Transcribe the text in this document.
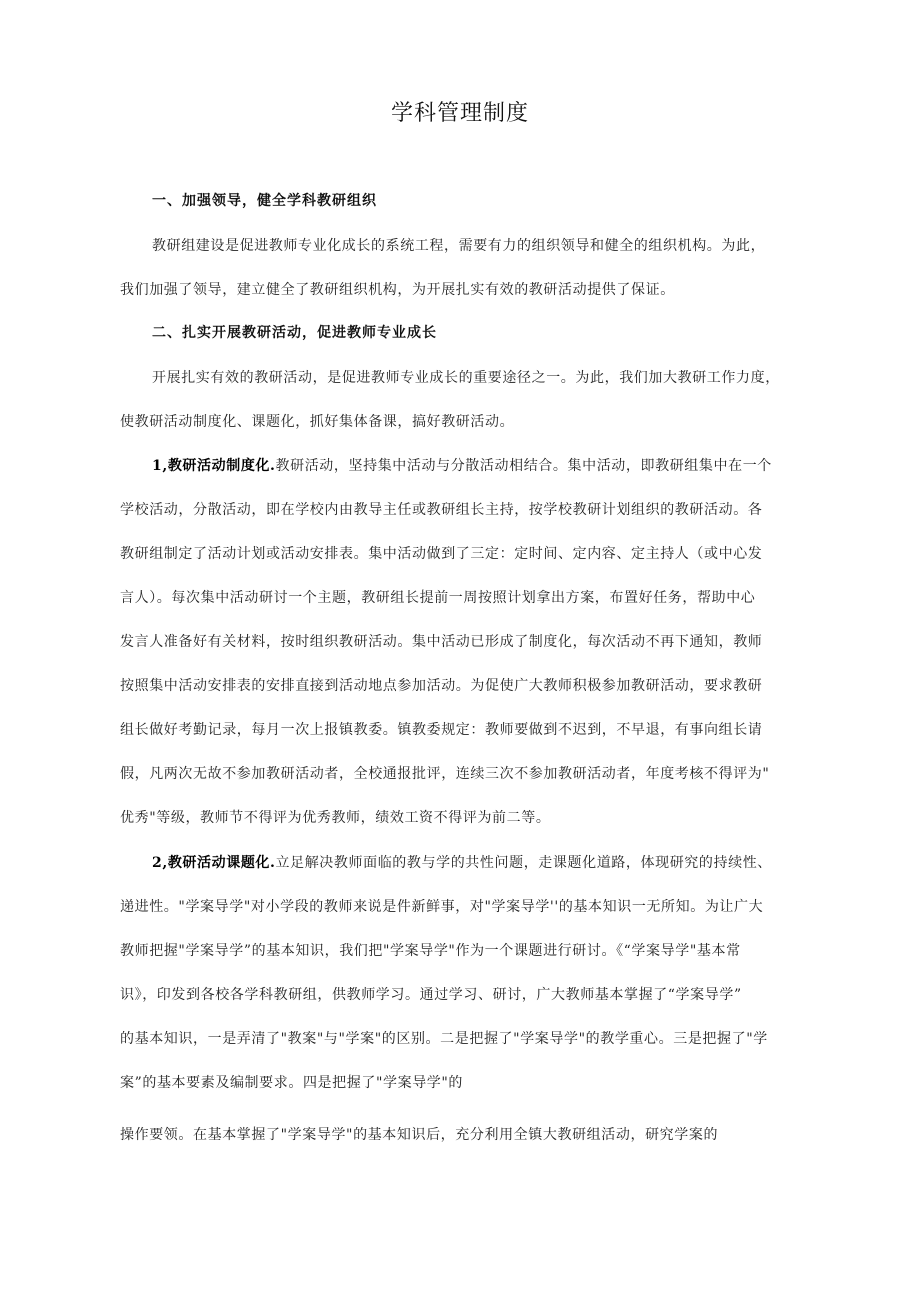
学科管理制度
一、加强领导，健全学科教研组织
教研组建设是促进教师专业化成长的系统工程，需要有力的组织领导和健全的组织机构。为此，
我们加强了领导，建立健全了教研组织机构，为开展扎实有效的教研活动提供了保证。
二、扎实开展教研活动，促进教师专业成长
开展扎实有效的教研活动，是促进教师专业成长的重要途径之一。为此，我们加大教研工作力度，
使教研活动制度化、课题化，抓好集体备课，搞好教研活动。
1,教研活动制度化.教研活动，坚持集中活动与分散活动相结合。集中活动，即教研组集中在一个
学校活动，分散活动，即在学校内由教导主任或教研组长主持，按学校教研计划组织的教研活动。各
教研组制定了活动计划或活动安排表。集中活动做到了三定：定时间、定内容、定主持人（或中心发
言人）。每次集中活动研讨一个主题，教研组长提前一周按照计划拿出方案，布置好任务，帮助中心
发言人准备好有关材料，按时组织教研活动。集中活动已形成了制度化，每次活动不再下通知，教师
按照集中活动安排表的安排直接到活动地点参加活动。为促使广大教师积极参加教研活动，要求教研
组长做好考勤记录，每月一次上报镇教委。镇教委规定：教师要做到不迟到，不早退，有事向组长请
假，凡两次无故不参加教研活动者，全校通报批评，连续三次不参加教研活动者，年度考核不得评为"
优秀"等级，教师节不得评为优秀教师，绩效工资不得评为前二等。
2,教研活动课题化.立足解决教师面临的教与学的共性问题，走课题化道路，体现研究的持续性、
递进性。"学案导学"对小学段的教师来说是件新鲜事，对"学案导学''的基本知识一无所知。为让广大
教师把握"学案导学”的基本知识，我们把"学案导学"作为一个课题进行研讨。《“学案导学"基本常
识》，印发到各校各学科教研组，供教师学习。通过学习、研讨，广大教师基本掌握了“学案导学”
的基本知识，一是弄清了"教案"与"学案"的区别。二是把握了"学案导学"的教学重心。三是把握了"学
案”的基本要素及编制要求。四是把握了"学案导学"的
操作要领。在基本掌握了"学案导学"的基本知识后，充分利用全镇大教研组活动，研究学案的
